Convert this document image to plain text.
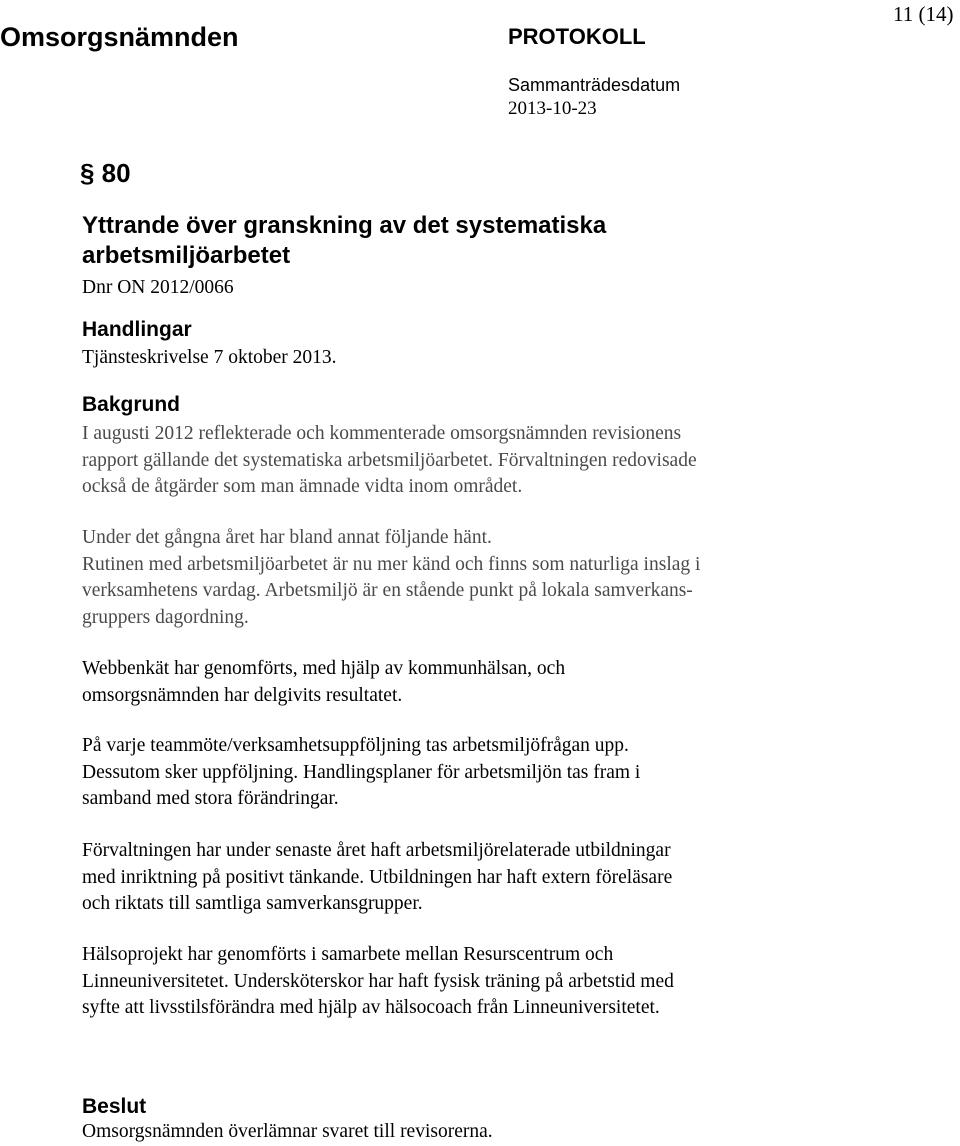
Omsorgsnämnden	PROTOKOLL
11 (14)
Sammanträdesdatum
2013-10-23
§ 80
Yttrande över granskning av det systematiska
arbetsmiljöarbetet
Dnr ON 2012/0066
Handlingar
Tjänsteskrivelse 7 oktober 2013.
Bakgrund
I augusti 2012 reflekterade och kommenterade omsorgsnämnden revisionens
rapport gällande det systematiska arbetsmiljöarbetet. Förvaltningen redovisade
också de åtgärder som man ämnade vidta inom området.
Under det gångna året har bland annat följande hänt.
Rutinen med arbetsmiljöarbetet är nu mer känd och finns som naturliga inslag i
verksamhetens vardag. Arbetsmiljö är en stående punkt på lokala samverkans-
gruppers dagordning.
Webbenkät har genomförts, med hjälp av kommunhälsan, och
omsorgsnämnden har delgivits resultatet.
På varje teammöte/verksamhetsuppföljning tas arbetsmiljöfrågan upp.
Dessutom sker uppföljning. Handlingsplaner för arbetsmiljön tas fram i
samband med stora förändringar.
Förvaltningen har under senaste året haft arbetsmiljörelaterade utbildningar
med inriktning på positivt tänkande. Utbildningen har haft extern föreläsare
och riktats till samtliga samverkansgrupper.
Hälsoprojekt har genomförts i samarbete mellan Resurscentrum och
Linneuniversitetet. Undersköterskor har haft fysisk träning på arbetstid med
syfte att livsstilsförändra med hjälp av hälsocoach från Linneuniversitetet.
Beslut
Omsorgsnämnden överlämnar svaret till revisorerna.
